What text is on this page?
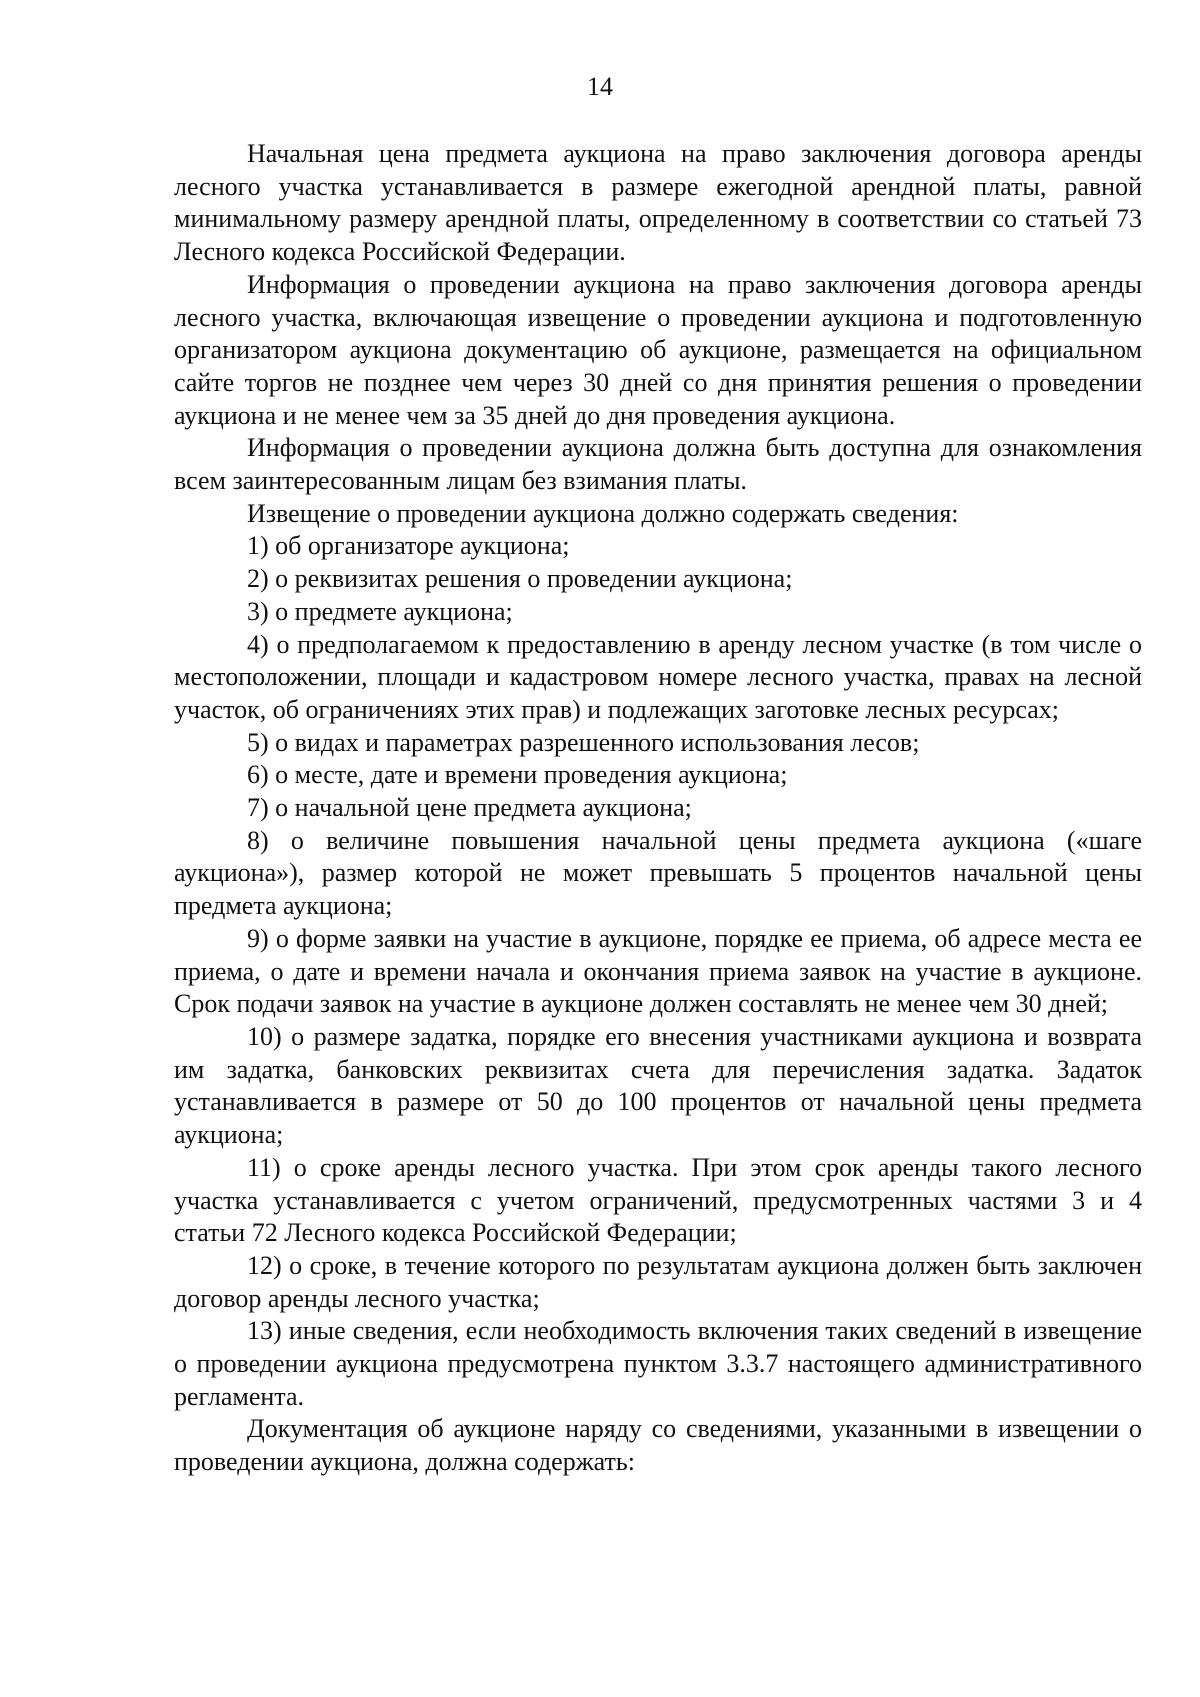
14

Начальная цена предмета аукциона на право заключения договора аренды лесного участка устанавливается в размере ежегодной арендной платы, равной минимальному размеру арендной платы, определенному в соответствии со статьей 73 Лесного кодекса Российской Федерации.

Информация о проведении аукциона на право заключения договора аренды лесного участка, включающая извещение о проведении аукциона и подготовленную организатором аукциона документацию об аукционе, размещается на официальном сайте торгов не позднее чем через 30 дней со дня принятия решения о проведении аукциона и не менее чем за 35 дней до дня проведения аукциона.

Информация о проведении аукциона должна быть доступна для ознакомления всем заинтересованным лицам без взимания платы.

Извещение о проведении аукциона должно содержать сведения:

1) об организаторе аукциона;

2) о реквизитах решения о проведении аукциона;

3) о предмете аукциона;

4) о предполагаемом к предоставлению в аренду лесном участке (в том числе о местоположении, площади и кадастровом номере лесного участка, правах на лесной участок, об ограничениях этих прав) и подлежащих заготовке лесных ресурсах;

5) о видах и параметрах разрешенного использования лесов;

6) о месте, дате и времени проведения аукциона;

7) о начальной цене предмета аукциона;

8) о величине повышения начальной цены предмета аукциона («шаге аукциона»), размер которой не может превышать 5 процентов начальной цены предмета аукциона;

9) о форме заявки на участие в аукционе, порядке ее приема, об адресе места ее приема, о дате и времени начала и окончания приема заявок на участие в аукционе. Срок подачи заявок на участие в аукционе должен составлять не менее чем 30 дней;

10) о размере задатка, порядке его внесения участниками аукциона и возврата им задатка, банковских реквизитах счета для перечисления задатка. Задаток устанавливается в размере от 50 до 100 процентов от начальной цены предмета аукциона;

11) о сроке аренды лесного участка. При этом срок аренды такого лесного участка устанавливается с учетом ограничений, предусмотренных частями 3 и 4 статьи 72 Лесного кодекса Российской Федерации;

12) о сроке, в течение которого по результатам аукциона должен быть заключен договор аренды лесного участка;

13) иные сведения, если необходимость включения таких сведений в извещение о проведении аукциона предусмотрена пунктом 3.3.7 настоящего административного регламента.

Документация об аукционе наряду со сведениями, указанными в извещении о проведении аукциона, должна содержать:
